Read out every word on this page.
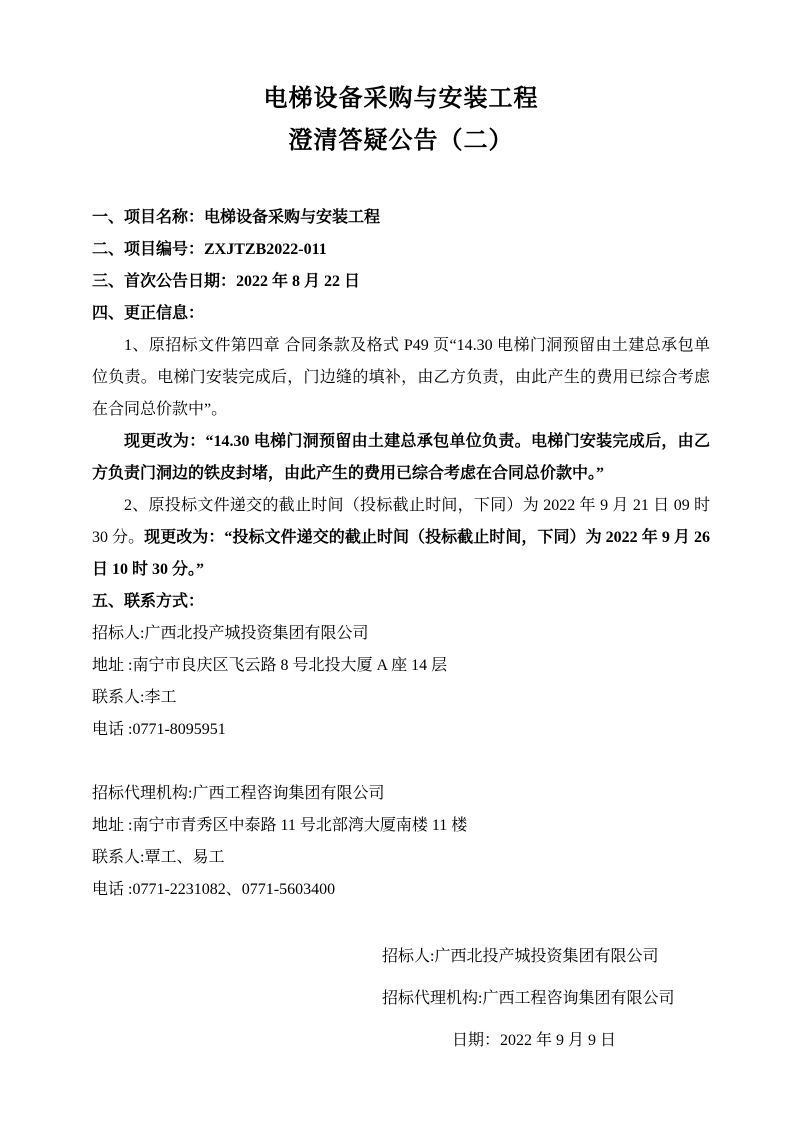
电梯设备采购与安装工程
澄清答疑公告（二）

一、项目名称：电梯设备采购与安装工程

二、项目编号：ZXJTZB2022-011

三、首次公告日期：2022 年 8 月 22 日

四、更正信息：

1、原招标文件第四章 合同条款及格式 P49 页“14.30 电梯门洞预留由土建总承包单位负责。电梯门安装完成后，门边缝的填补，由乙方负责，由此产生的费用已综合考虑在合同总价款中”。

现更改为：“14.30 电梯门洞预留由土建总承包单位负责。电梯门安装完成后，由乙方负责门洞边的铁皮封堵，由此产生的费用已综合考虑在合同总价款中。”

2、原投标文件递交的截止时间（投标截止时间，下同）为 2022 年 9 月 21 日 09 时 30 分。现更改为：“投标文件递交的截止时间（投标截止时间，下同）为 2022 年 9 月 26 日 10 时 30 分。”

五、联系方式：

招标人:广西北投产城投资集团有限公司

地址 :南宁市良庆区飞云路 8 号北投大厦 A 座 14 层

联系人:李工

电话 :0771-8095951

招标代理机构:广西工程咨询集团有限公司

地址 :南宁市青秀区中泰路 11 号北部湾大厦南楼 11 楼

联系人:覃工、易工

电话 :0771-2231082、0771-5603400

招标人:广西北投产城投资集团有限公司

招标代理机构:广西工程咨询集团有限公司

日期：2022 年 9 月 9 日
